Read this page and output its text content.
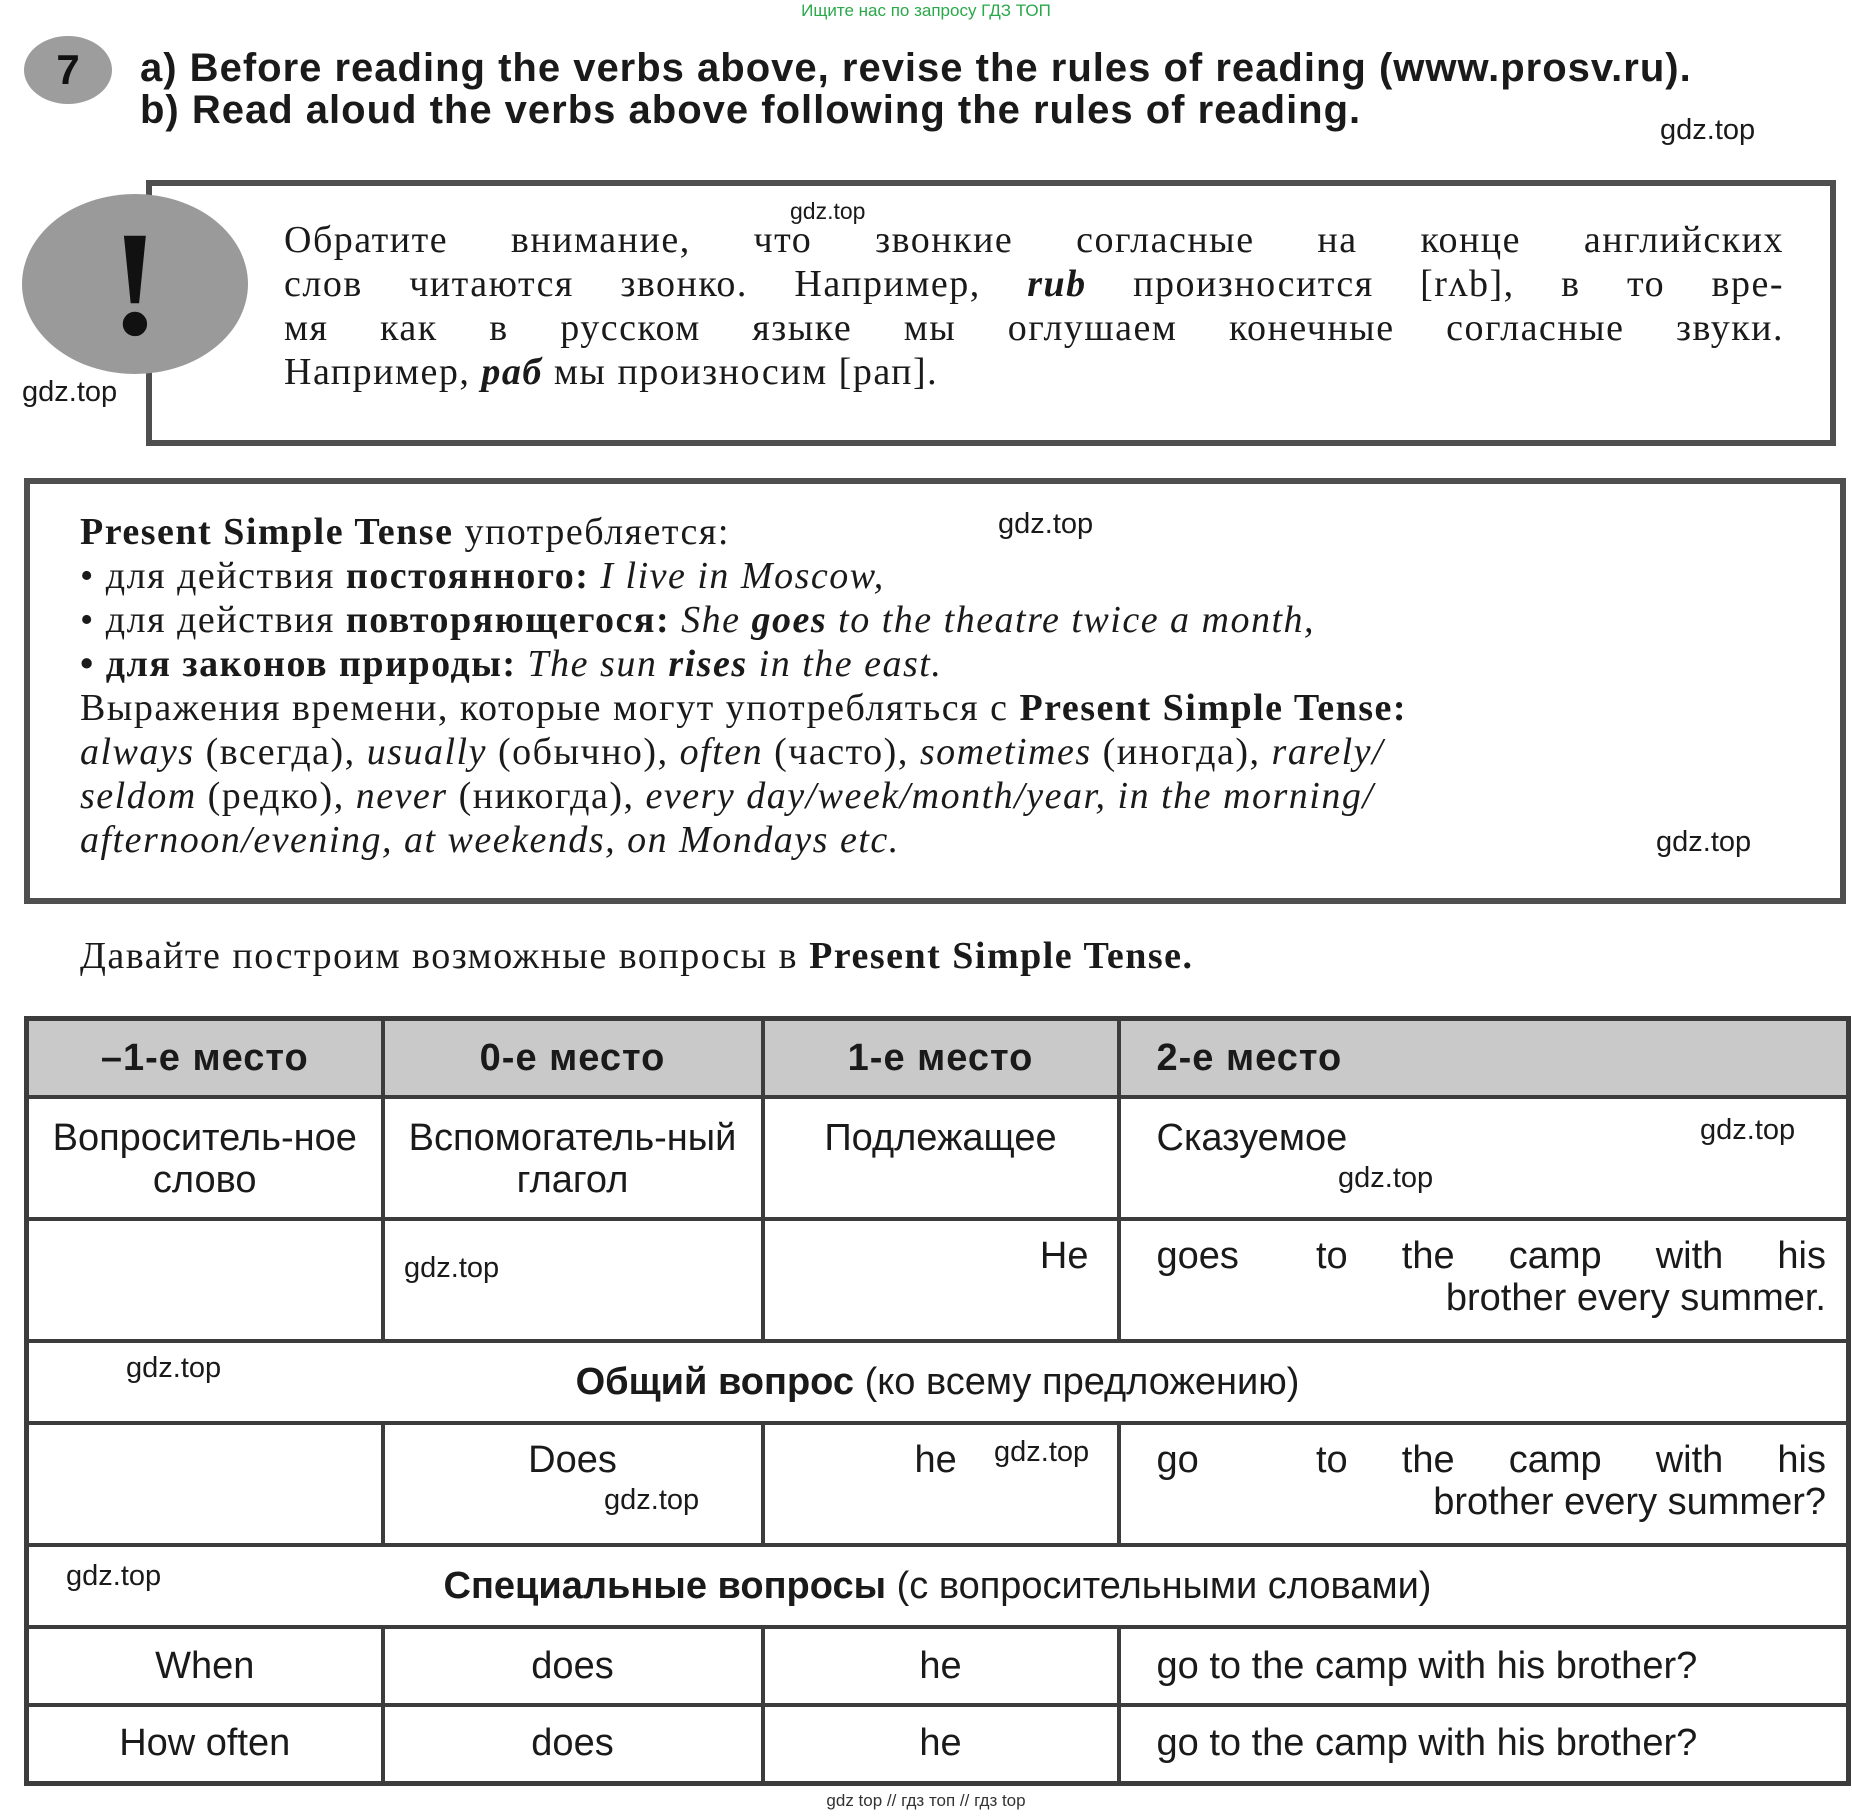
Ищите нас по запросу ГДЗ ТОП
7	a) Before reading the verbs above, revise the rules of reading (www.prosv.ru).
b) Read aloud the verbs above following the rules of reading.
!	Обратите внимание, что звонкие согласные на конце английских
слов читаются звонко. Например, rub произносится [rʌb], в то вре-
мя как в русском языке мы оглушаем конечные согласные звуки.
Например, раб мы произносим [рап].

Present Simple Tense употребляется:

• для действия постоянного: I live in Moscow,

• для действия повторяющегося: She goes to the theatre twice a month,

• для законов природы: The sun rises in the east.

Выражения времени, которые могут употребляться с Present Simple Tense:

always (всегда), usually (обычно), often (часто), sometimes (иногда), rarely/

seldom (редко), never (никогда), every day/week/month/year, in the morning/

afternoon/evening, at weekends, on Mondays etc.

Давайте построим возможные вопросы в Present Simple Tense.
–1-е место	0-е место	1-е место	2-е место
Вопроситель-ное слово	Вспомогатель-ный глагол	Подлежащее	Сказуемое
		He	goes to the camp with his
brother every summer.

Общий вопрос (ко всему предложению)			
	Does	he	go to the camp with his
brother every summer?

Специальные вопросы (с вопросительными словами)			
When	does	he	go to the camp with his brother?
How often	does	he	go to the camp with his brother?
gdz.top
gdz.top
gdz.top
gdz.top
gdz.top
gdz.top
gdz.top
gdz.top
gdz.top
gdz.top
gdz.top
gdz.top
gdz top // гдз топ // гдз top
